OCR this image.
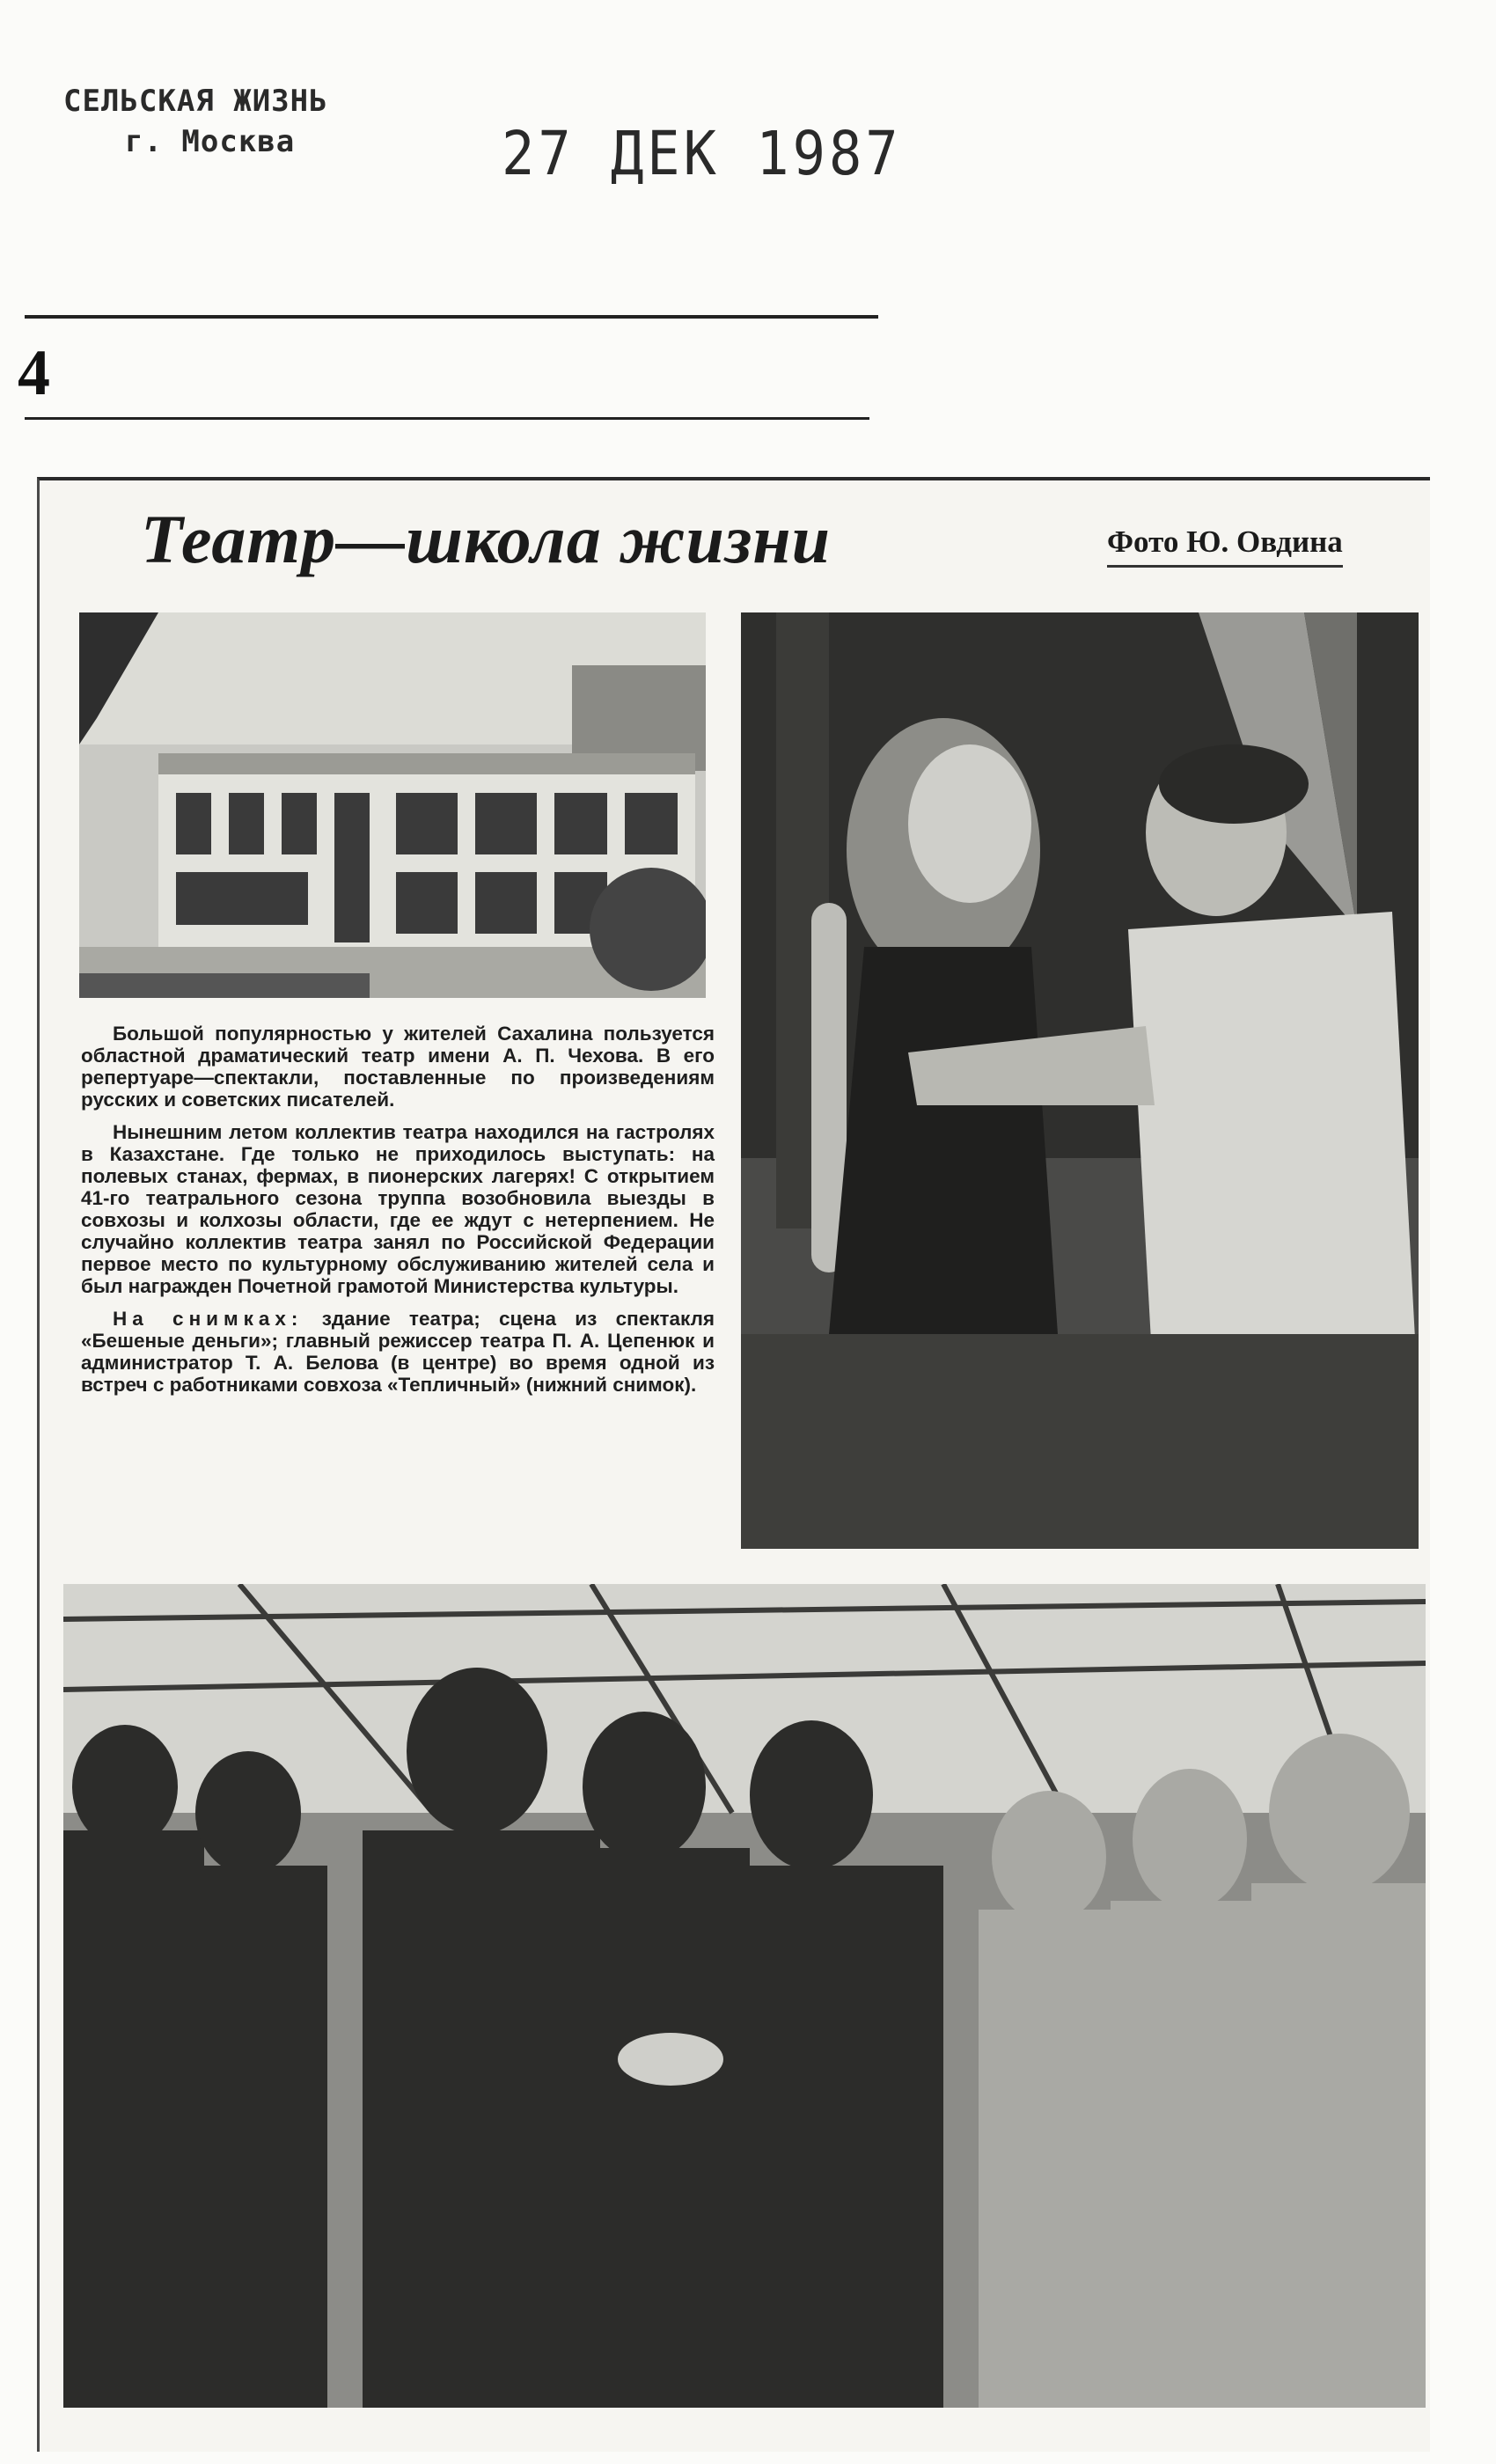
СЕЛЬСКАЯ ЖИЗНЬ
г. Москва	27 ДЕК 1987
4
Театр—школа жизни	Фото Ю. Овдина

Большой популярностью у жителей Сахалина пользуется областной драматический театр имени А. П. Чехова. В его репертуаре—спектакли, поставленные по произведениям русских и советских писателей.

Нынешним летом коллектив театра находился на гастролях в Казахстане. Где только не приходилось выступать: на полевых станах, фермах, в пионерских лагерях! С открытием 41-го театрального сезона труппа возобновила выезды в совхозы и колхозы области, где ее ждут с нетерпением. Не случайно коллектив театра занял по Российской Федерации первое место по культурному обслуживанию жителей села и был награжден Почетной грамотой Министерства культуры.

На снимках: здание театра; сцена из спектакля «Бешеные деньги»; главный режиссер театра П. А. Цепенюк и администратор Т. А. Белова (в центре) во время одной из встреч с работниками совхоза «Тепличный» (нижний снимок).
